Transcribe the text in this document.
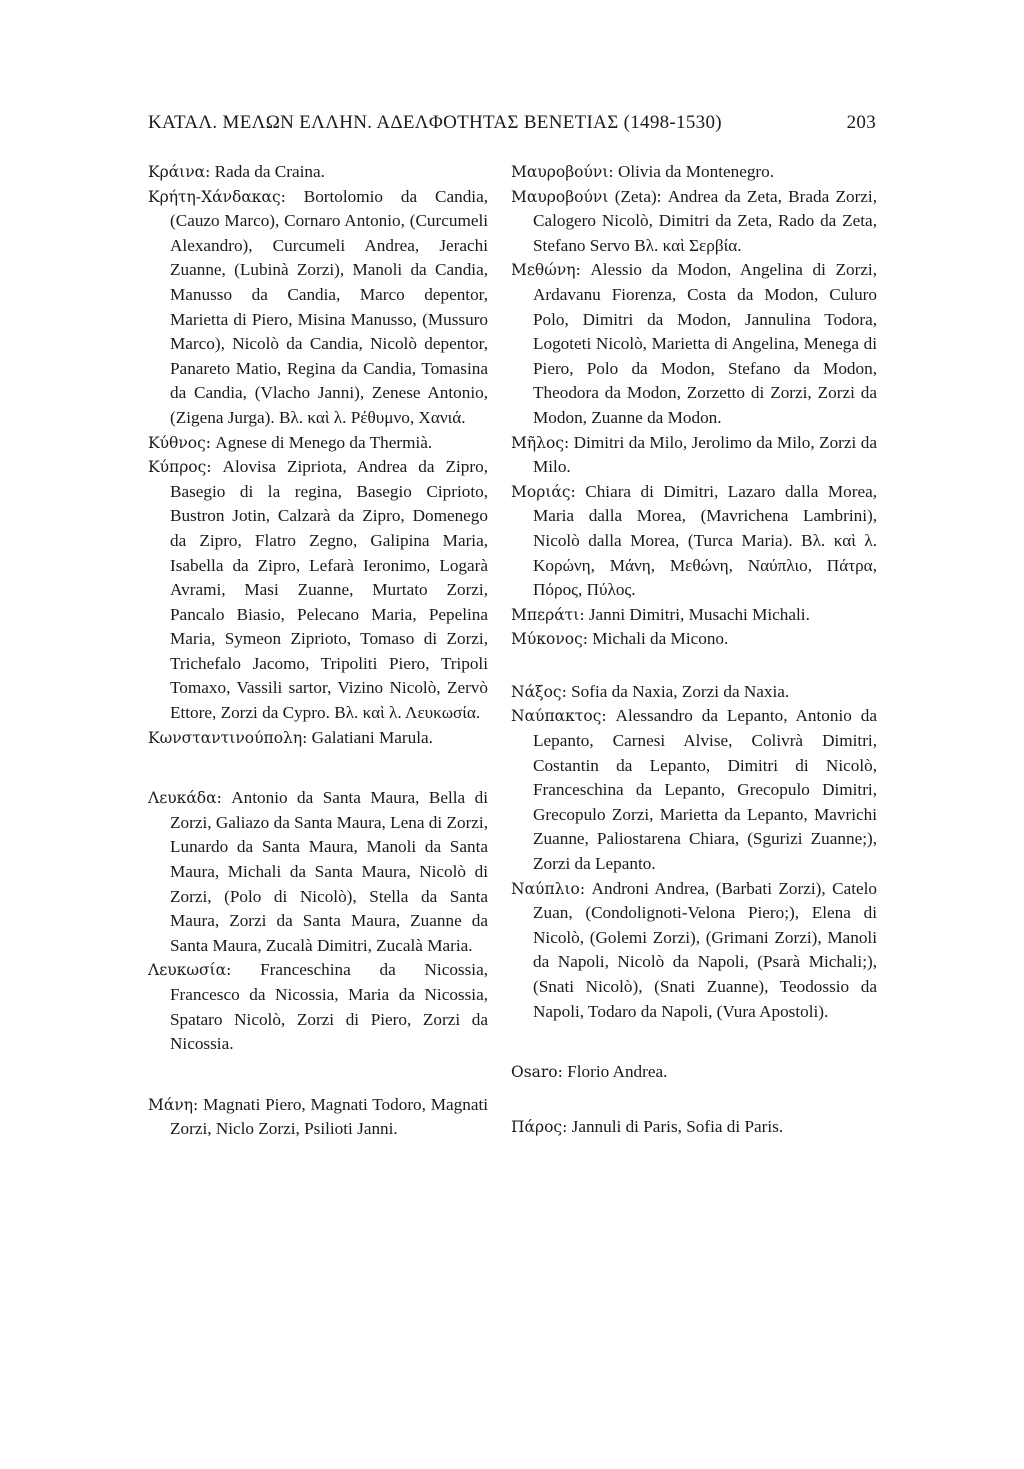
ΚΑΤΑΛ. ΜΕΛΩΝ ΕΛΛΗΝ. ΑΔΕΛΦΟΤΗΤΑΣ ΒΕΝΕΤΙΑΣ (1498-1530)	203

Κράινα: Rada da Craina.

Κρήτη-Χάνδακας: Bortolomio da Candia, (Cauzo Marco), Cornaro Antonio, (Curcumeli Alexandro), Curcumeli Andrea, Jerachi Zuanne, (Lubinà Zorzi), Manoli da Candia, Manusso da Candia, Marco depentor, Marietta di Piero, Misina Manusso, (Mussuro Marco), Nicolò da Candia, Nicolò depentor, Panareto Matio, Regina da Candia, Tomasina da Candia, (Vlacho Janni), Zenese Antonio, (Zigena Jurga). Βλ. καὶ λ. Ρέθυμνο, Χανιά.

Κύθνος: Agnese di Menego da Thermià.

Κύπρος: Alovisa Zipriota, Andrea da Zipro, Basegio di la regina, Basegio Ciprioto, Bustron Jotin, Calzarà da Zipro, Domenego da Zipro, Flatro Zegno, Galipina Maria, Isabella da Zipro, Lefarà Ieronimo, Logarà Avrami, Masi Zuanne, Murtato Zorzi, Pancalo Biasio, Pelecano Maria, Pepelina Maria, Symeon Ziprioto, Tomaso di Zorzi, Trichefalo Jacomo, Tripoliti Piero, Tripoli Tomaxo, Vassili sartor, Vizino Nicolò, Zervò Ettore, Zorzi da Cypro. Βλ. καὶ λ. Λευκωσία.

Κωνσταντινούπολη: Galatiani Marula.

Λευκάδα: Antonio da Santa Maura, Bella di Zorzi, Galiazo da Santa Maura, Lena di Zorzi, Lunardo da Santa Maura, Manoli da Santa Maura, Michali da Santa Maura, Nicolò di Zorzi, (Polo di Nicolò), Stella da Santa Maura, Zorzi da Santa Maura, Zuanne da Santa Maura, Zucalà Dimitri, Zucalà Maria.

Λευκωσία: Franceschina da Nicossia, Francesco da Nicossia, Maria da Nicossia, Spataro Nicolò, Zorzi di Piero, Zorzi da Nicossia.

Μάνη: Magnati Piero, Magnati Todoro, Magnati Zorzi, Niclo Zorzi, Psilioti Janni.

Μαυροβούνι: Olivia da Montenegro.

Μαυροβούνι (Zeta): Andrea da Zeta, Brada Zorzi, Calogero Nicolò, Dimitri da Zeta, Rado da Zeta, Stefano Servo Βλ. καὶ Σερβία.

Μεθώνη: Alessio da Modon, Angelina di Zorzi, Ardavanu Fiorenza, Costa da Modon, Culuro Polo, Dimitri da Modon, Jannulina Todora, Logoteti Nicolò, Marietta di Angelina, Menega di Piero, Polo da Modon, Stefano da Modon, Theodora da Modon, Zorzetto di Zorzi, Zorzi da Modon, Zuanne da Modon.

Μῆλος: Dimitri da Milo, Jerolimo da Milo, Zorzi da Milo.

Μοριάς: Chiara di Dimitri, Lazaro dalla Morea, Maria dalla Morea, (Mavrichena Lambrini), Nicolò dalla Morea, (Turca Maria). Βλ. καὶ λ. Κορώνη, Μάνη, Μεθώνη, Ναύπλιο, Πάτρα, Πόρος, Πύλος.

Μπεράτι: Janni Dimitri, Musachi Michali.

Μύκονος: Michali da Micono.

Νάξος: Sofia da Naxia, Zorzi da Naxia.

Ναύπακτος: Alessandro da Lepanto, Antonio da Lepanto, Carnesi Alvise, Colivrà Dimitri, Costantin da Lepanto, Dimitri di Nicolò, Franceschina da Lepanto, Grecopulo Dimitri, Grecopulo Zorzi, Marietta da Lepanto, Mavrichi Zuanne, Paliostarena Chiara, (Sgurizi Zuanne;), Zorzi da Lepanto.

Ναύπλιο: Androni Andrea, (Barbati Zorzi), Catelo Zuan, (Condolignoti-Velona Piero;), Elena di Nicolò, (Golemi Zorzi), (Grimani Zorzi), Manoli da Napoli, Nicolò da Napoli, (Psarà Michali;), (Snati Nicolò), (Snati Zuanne), Teodossio da Napoli, Todaro da Napoli, (Vura Apostoli).

Osaro: Florio Andrea.

Πάρος: Jannuli di Paris, Sofia di Paris.
